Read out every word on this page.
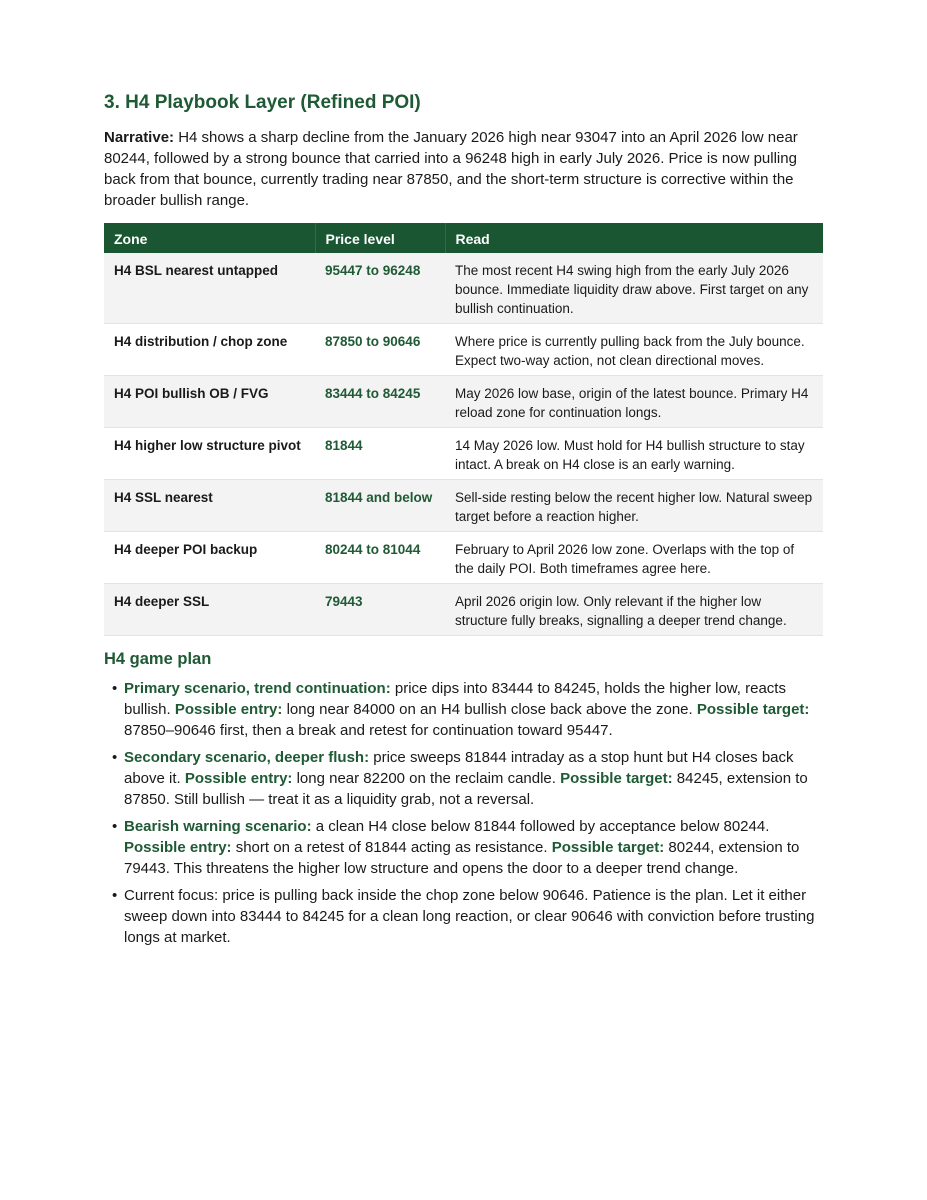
3. H4 Playbook Layer (Refined POI)

Narrative: H4 shows a sharp decline from the January 2026 high near 93047 into an April 2026 low near 80244, followed by a strong bounce that carried into a 96248 high in early July 2026. Price is now pulling back from that bounce, currently trading near 87850, and the short-term structure is corrective within the broader bullish range.

Zone	Price level	Read
H4 BSL nearest untapped	95447 to 96248	The most recent H4 swing high from the early July 2026 bounce. Immediate liquidity draw above. First target on any bullish continuation.
H4 distribution / chop zone	87850 to 90646	Where price is currently pulling back from the July bounce. Expect two-way action, not clean directional moves.
H4 POI bullish OB / FVG	83444 to 84245	May 2026 low base, origin of the latest bounce. Primary H4 reload zone for continuation longs.
H4 higher low structure pivot	81844	14 May 2026 low. Must hold for H4 bullish structure to stay intact. A break on H4 close is an early warning.
H4 SSL nearest	81844 and below	Sell-side resting below the recent higher low. Natural sweep target before a reaction higher.
H4 deeper POI backup	80244 to 81044	February to April 2026 low zone. Overlaps with the top of the daily POI. Both timeframes agree here.
H4 deeper SSL	79443	April 2026 origin low. Only relevant if the higher low structure fully breaks, signalling a deeper trend change.
H4 game plan
• Primary scenario, trend continuation: price dips into 83444 to 84245, holds the higher low, reacts bullish. Possible entry: long near 84000 on an H4 bullish close back above the zone. Possible target: 87850–90646 first, then a break and retest for continuation toward 95447.
• Secondary scenario, deeper flush: price sweeps 81844 intraday as a stop hunt but H4 closes back above it. Possible entry: long near 82200 on the reclaim candle. Possible target: 84245, extension to 87850. Still bullish — treat it as a liquidity grab, not a reversal.
• Bearish warning scenario: a clean H4 close below 81844 followed by acceptance below 80244. Possible entry: short on a retest of 81844 acting as resistance. Possible target: 80244, extension to 79443. This threatens the higher low structure and opens the door to a deeper trend change.
• Current focus: price is pulling back inside the chop zone below 90646. Patience is the plan. Let it either sweep down into 83444 to 84245 for a clean long reaction, or clear 90646 with conviction before trusting longs at market.
